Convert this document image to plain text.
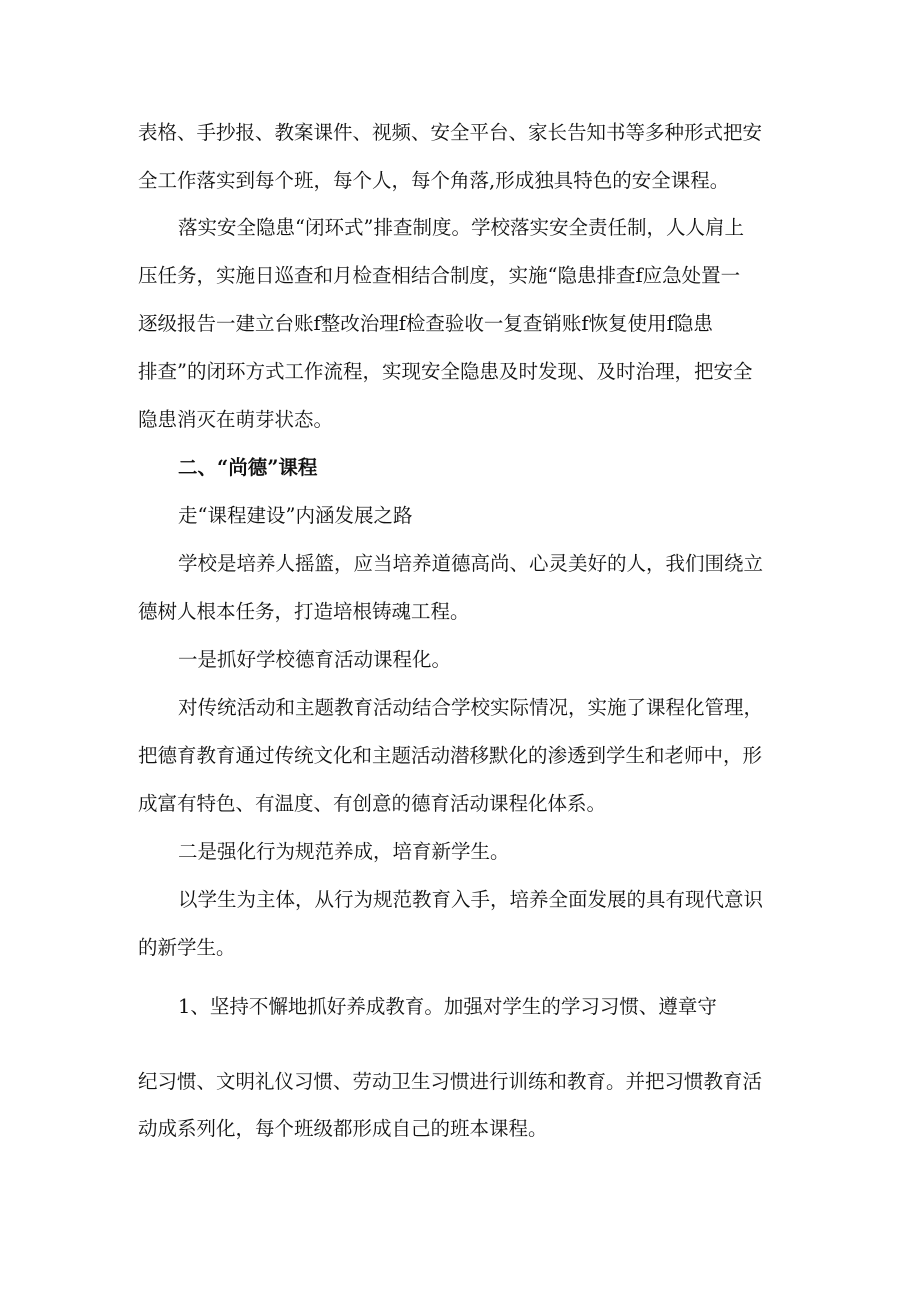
表格、手抄报、教案课件、视频、安全平台、家长告知书等多种形式把安
全工作落实到每个班，每个人，每个角落,形成独具特色的安全课程。
落实安全隐患“闭环式”排查制度。学校落实安全责任制，人人肩上
压任务，实施日巡查和月检查相结合制度，实施“隐患排查f应急处置一
逐级报告一建立台账f整改治理f检查验收一复查销账f恢复使用f隐患
排查”的闭环方式工作流程，实现安全隐患及时发现、及时治理，把安全
隐患消灭在萌芽状态。
二、“尚德”课程
走“课程建设”内涵发展之路
学校是培养人摇篮，应当培养道德高尚、心灵美好的人，我们围绕立
德树人根本任务，打造培根铸魂工程。
一是抓好学校德育活动课程化。
对传统活动和主题教育活动结合学校实际情况，实施了课程化管理，
把德育教育通过传统文化和主题活动潜移默化的渗透到学生和老师中，形
成富有特色、有温度、有创意的德育活动课程化体系。
二是强化行为规范养成，培育新学生。
以学生为主体，从行为规范教育入手，培养全面发展的具有现代意识
的新学生。
1、坚持不懈地抓好养成教育。加强对学生的学习习惯、遵章守
纪习惯、文明礼仪习惯、劳动卫生习惯进行训练和教育。并把习惯教育活
动成系列化，每个班级都形成自己的班本课程。
